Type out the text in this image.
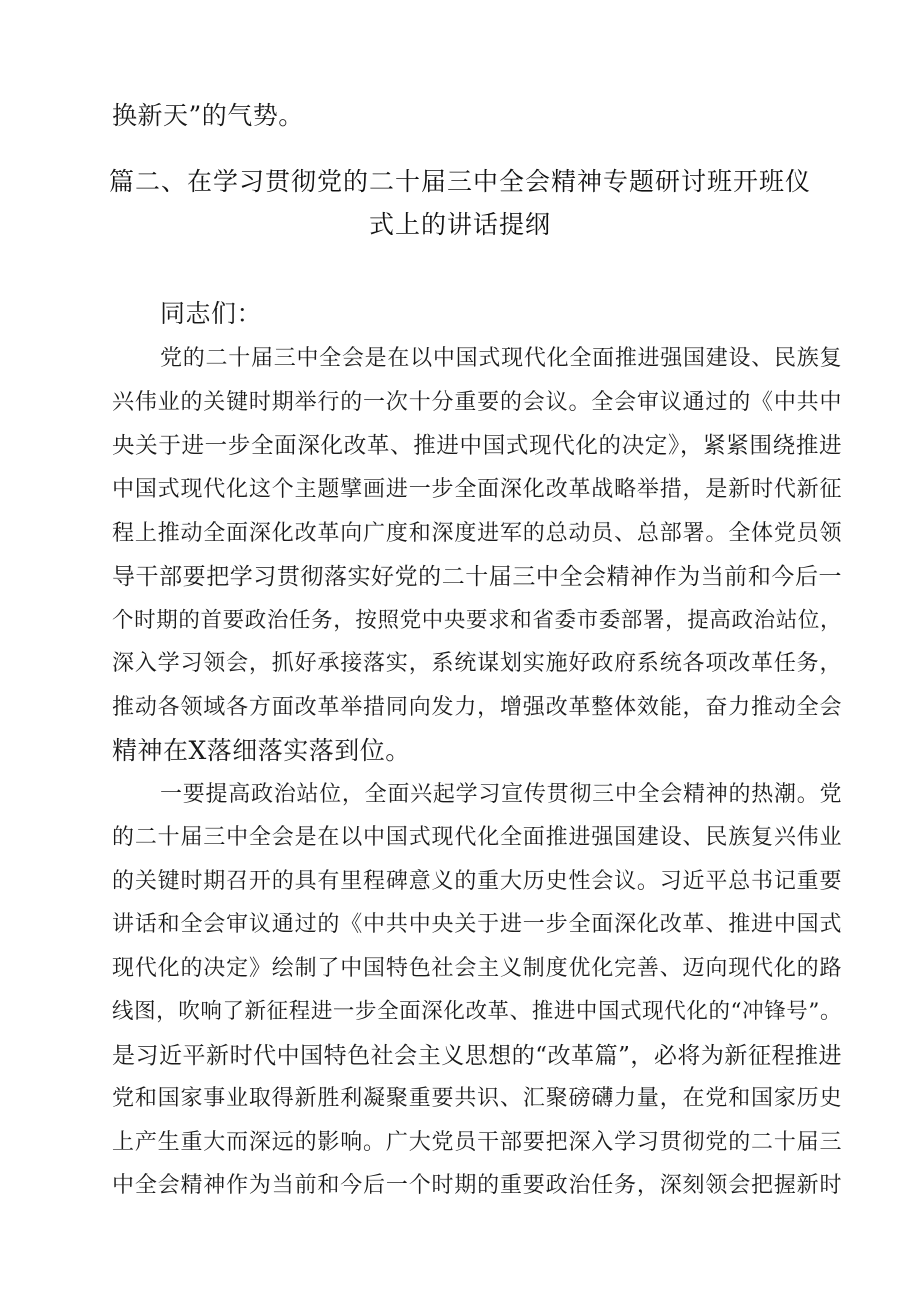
换新天”的气势。
篇二、在学习贯彻党的二十届三中全会精神专题研讨班开班仪
式上的讲话提纲
同志们：
党的二十届三中全会是在以中国式现代化全面推进强国建设、民族复
兴伟业的关键时期举行的一次十分重要的会议。全会审议通过的《中共中
央关于进一步全面深化改革、推进中国式现代化的决定》，紧紧围绕推进
中国式现代化这个主题擘画进一步全面深化改革战略举措，是新时代新征
程上推动全面深化改革向广度和深度进军的总动员、总部署。全体党员领
导干部要把学习贯彻落实好党的二十届三中全会精神作为当前和今后一
个时期的首要政治任务，按照党中央要求和省委市委部署，提高政治站位，
深入学习领会，抓好承接落实，系统谋划实施好政府系统各项改革任务，
推动各领域各方面改革举措同向发力，增强改革整体效能，奋力推动全会
精神在X落细落实落到位。
一要提高政治站位，全面兴起学习宣传贯彻三中全会精神的热潮。党
的二十届三中全会是在以中国式现代化全面推进强国建设、民族复兴伟业
的关键时期召开的具有里程碑意义的重大历史性会议。习近平总书记重要
讲话和全会审议通过的《中共中央关于进一步全面深化改革、推进中国式
现代化的决定》绘制了中国特色社会主义制度优化完善、迈向现代化的路
线图，吹响了新征程进一步全面深化改革、推进中国式现代化的“冲锋号”。
是习近平新时代中国特色社会主义思想的“改革篇”，必将为新征程推进
党和国家事业取得新胜利凝聚重要共识、汇聚磅礴力量，在党和国家历史
上产生重大而深远的影响。广大党员干部要把深入学习贯彻党的二十届三
中全会精神作为当前和今后一个时期的重要政治任务，深刻领会把握新时
